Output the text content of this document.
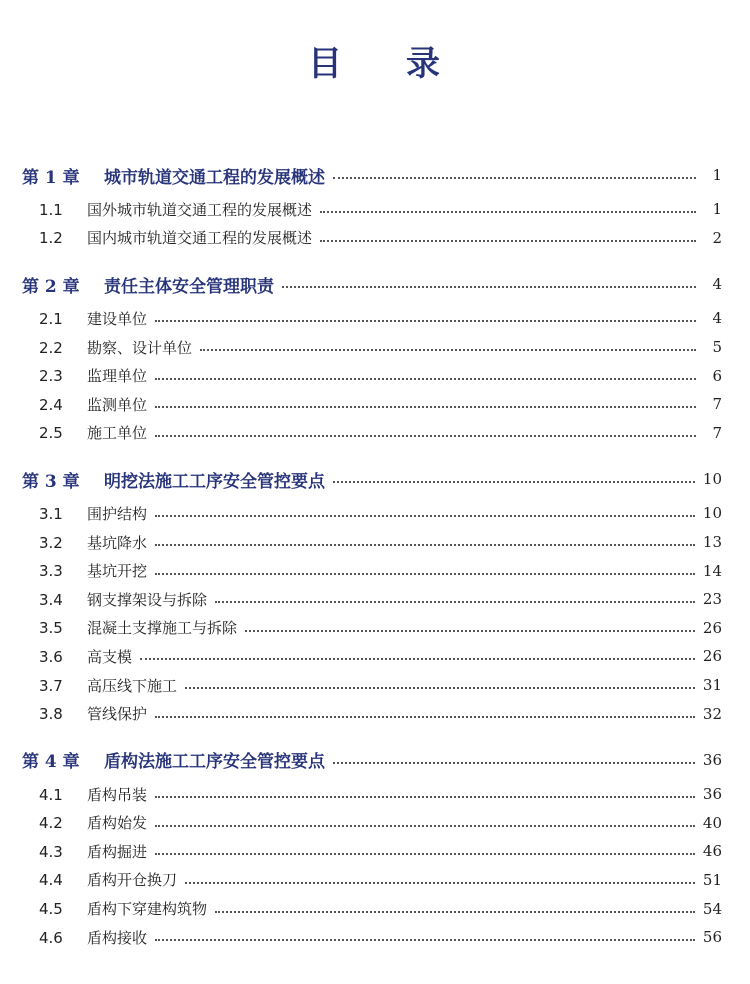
目 录
第 1 章 城市轨道交通工程的发展概述	1
1.1 国外城市轨道交通工程的发展概述	1
1.2 国内城市轨道交通工程的发展概述	2
第 2 章 责任主体安全管理职责	4
2.1 建设单位	4
2.2 勘察、设计单位	5
2.3 监理单位	6
2.4 监测单位	7
2.5 施工单位	7
第 3 章 明挖法施工工序安全管控要点	10
3.1 围护结构	10
3.2 基坑降水	13
3.3 基坑开挖	14
3.4 钢支撑架设与拆除	23
3.5 混凝土支撑施工与拆除	26
3.6 高支模	26
3.7 高压线下施工	31
3.8 管线保护	32
第 4 章 盾构法施工工序安全管控要点	36
4.1 盾构吊装	36
4.2 盾构始发	40
4.3 盾构掘进	46
4.4 盾构开仓换刀	51
4.5 盾构下穿建构筑物	54
4.6 盾构接收	56
